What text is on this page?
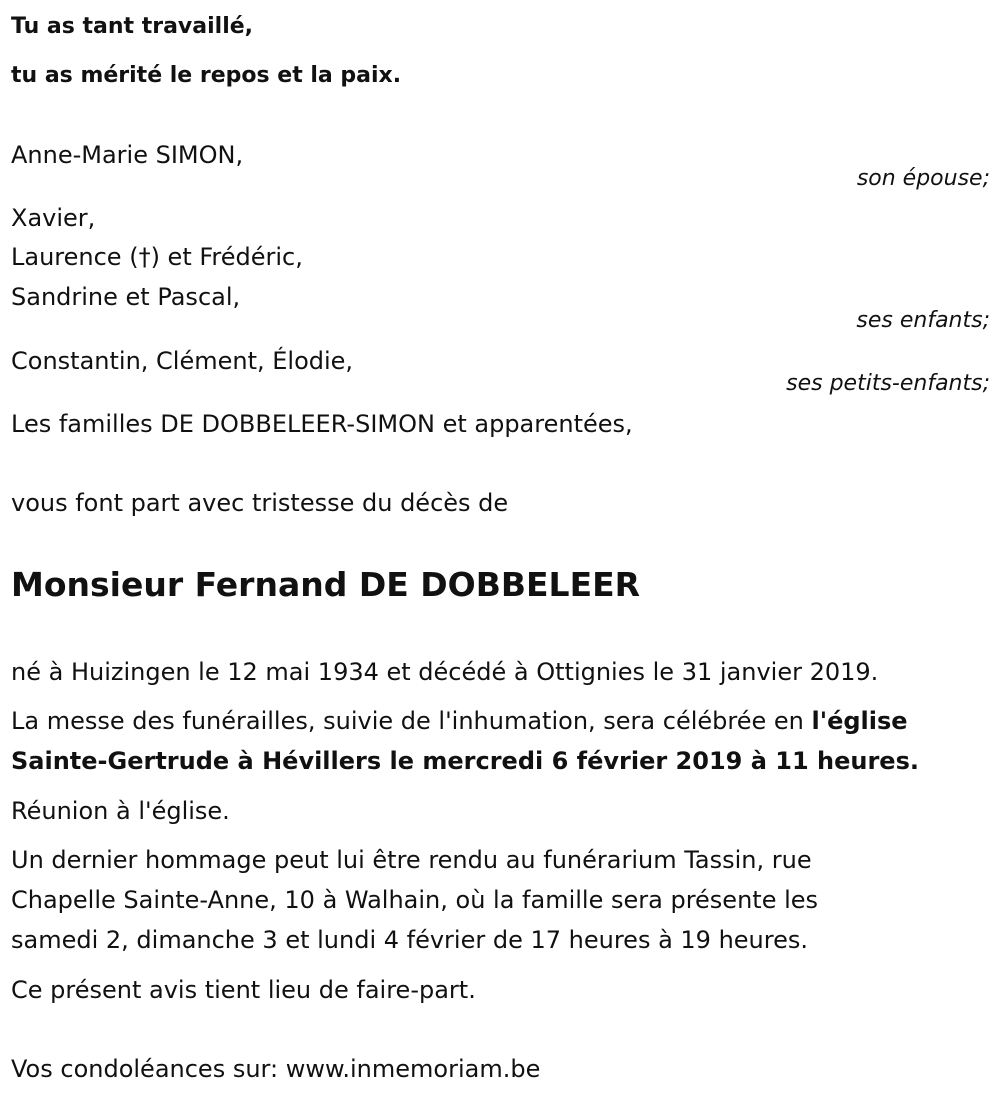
Tu as tant travaillé,
tu as mérité le repos et la paix.
Anne-Marie SIMON,
son épouse;
Xavier,
Laurence (†) et Frédéric,
Sandrine et Pascal,
ses enfants;
Constantin, Clément, Élodie,
ses petits-enfants;
Les familles DE DOBBELEER-SIMON et apparentées,
vous font part avec tristesse du décès de
Monsieur Fernand DE DOBBELEER
né à Huizingen le 12 mai 1934 et décédé à Ottignies le 31 janvier 2019.
La messe des funérailles, suivie de l'inhumation, sera célébrée en l'église
Sainte-Gertrude à Hévillers le mercredi 6 février 2019 à 11 heures.
Réunion à l'église.
Un dernier hommage peut lui être rendu au funérarium Tassin, rue
Chapelle Sainte-Anne, 10 à Walhain, où la famille sera présente les
samedi 2, dimanche 3 et lundi 4 février de 17 heures à 19 heures.
Ce présent avis tient lieu de faire-part.
Vos condoléances sur: www.inmemoriam.be
